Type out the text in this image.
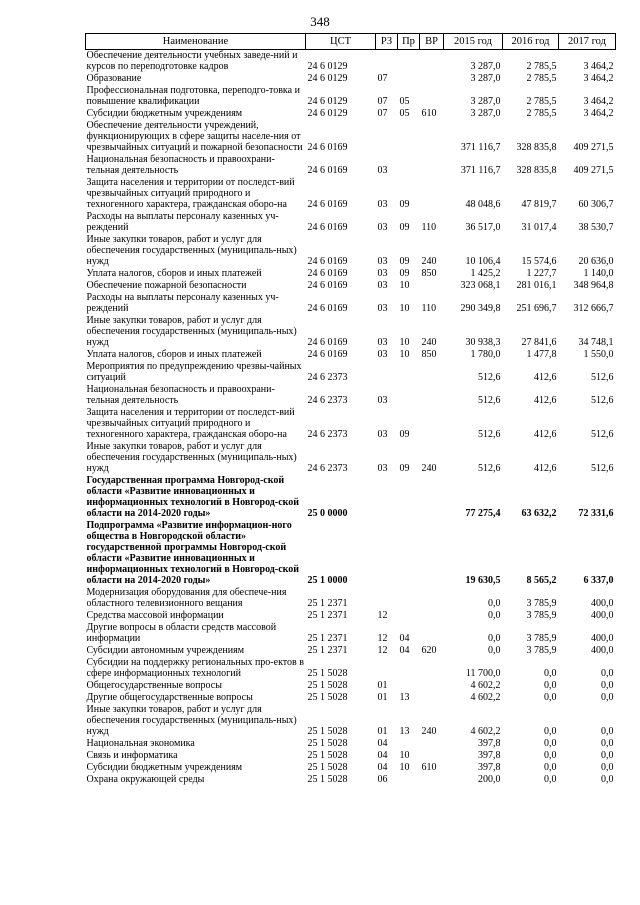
348
Наименование	ЦСТ	РЗ	Пр	ВР	2015 год	2016 год	2017 год
Обеспечение деятельности учебных заведе-ний и курсов по переподготовке кадров	24 6 0129				3 287,0	2 785,5	3 464,2
Образование	24 6 0129	07			3 287,0	2 785,5	3 464,2
Профессиональная подготовка, переподго-товка и повышение квалификации	24 6 0129	07	05		3 287,0	2 785,5	3 464,2
Субсидии бюджетным учреждениям	24 6 0129	07	05	610	3 287,0	2 785,5	3 464,2
Обеспечение деятельности учреждений, функционирующих в сфере защиты населе-ния от чрезвычайных ситуаций и пожарной безопасности	24 6 0169				371 116,7	328 835,8	409 271,5
Национальная безопасность и правоохрани-тельная деятельность	24 6 0169	03			371 116,7	328 835,8	409 271,5
Защита населения и территории от последст-вий чрезвычайных ситуаций природного и техногенного характера, гражданская оборо-на	24 6 0169	03	09		48 048,6	47 819,7	60 306,7
Расходы на выплаты персоналу казенных уч-реждений	24 6 0169	03	09	110	36 517,0	31 017,4	38 530,7
Иные закупки товаров, работ и услуг для обеспечения государственных (муниципаль-ных) нужд	24 6 0169	03	09	240	10 106,4	15 574,6	20 636,0
Уплата налогов, сборов и иных платежей	24 6 0169	03	09	850	1 425,2	1 227,7	1 140,0
Обеспечение пожарной безопасности	24 6 0169	03	10		323 068,1	281 016,1	348 964,8
Расходы на выплаты персоналу казенных уч-реждений	24 6 0169	03	10	110	290 349,8	251 696,7	312 666,7
Иные закупки товаров, работ и услуг для обеспечения государственных (муниципаль-ных) нужд	24 6 0169	03	10	240	30 938,3	27 841,6	34 748,1
Уплата налогов, сборов и иных платежей	24 6 0169	03	10	850	1 780,0	1 477,8	1 550,0
Мероприятия по предупреждению чрезвы-чайных ситуаций	24 6 2373				512,6	412,6	512,6
Национальная безопасность и правоохрани-тельная деятельность	24 6 2373	03			512,6	412,6	512,6
Защита населения и территории от последст-вий чрезвычайных ситуаций природного и техногенного характера, гражданская оборо-на	24 6 2373	03	09		512,6	412,6	512,6
Иные закупки товаров, работ и услуг для обеспечения государственных (муниципаль-ных) нужд	24 6 2373	03	09	240	512,6	412,6	512,6
Государственная программа Новгород-ской области «Развитие инновационных и информационных технологий в Новгород-ской области на 2014-2020 годы»	25 0 0000				77 275,4	63 632,2	72 331,6
Подпрограмма «Развитие информацион-ного общества в Новгородской области» государственной программы Новгород-ской области «Развитие инновационных и информационных технологий в Новгород-ской области на 2014-2020 годы»	25 1 0000				19 630,5	8 565,2	6 337,0
Модернизация оборудования для обеспече-ния областного телевизионного вещания	25 1 2371				0,0	3 785,9	400,0
Средства массовой информации	25 1 2371	12			0,0	3 785,9	400,0
Другие вопросы в области средств массовой информации	25 1 2371	12	04		0,0	3 785,9	400,0
Субсидии автономным учреждениям	25 1 2371	12	04	620	0,0	3 785,9	400,0
Субсидии на поддержку региональных про-ектов в сфере информационных технологий	25 1 5028				11 700,0	0,0	0,0
Общегосударственные вопросы	25 1 5028	01			4 602,2	0,0	0,0
Другие общегосударственные вопросы	25 1 5028	01	13		4 602,2	0,0	0,0
Иные закупки товаров, работ и услуг для обеспечения государственных (муниципаль-ных) нужд	25 1 5028	01	13	240	4 602,2	0,0	0,0
Национальная экономика	25 1 5028	04			397,8	0,0	0,0
Связь и информатика	25 1 5028	04	10		397,8	0,0	0,0
Субсидии бюджетным учреждениям	25 1 5028	04	10	610	397,8	0,0	0,0
Охрана окружающей среды	25 1 5028	06			200,0	0,0	0,0
